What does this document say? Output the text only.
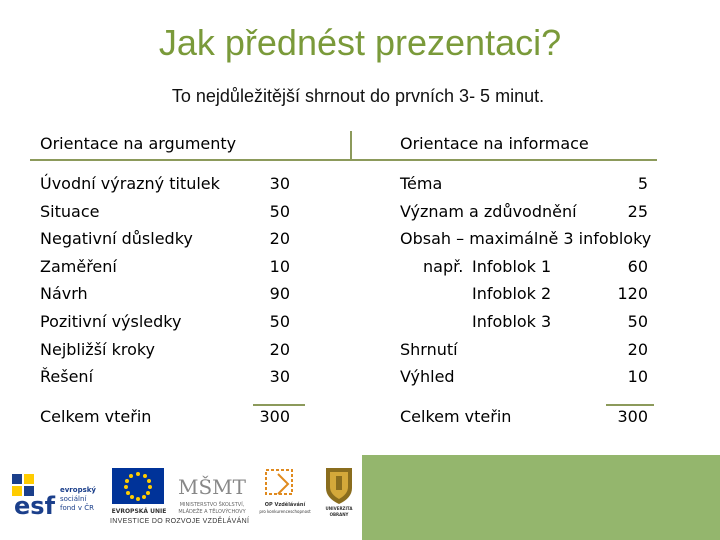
Jak přednést prezentaci?
To nejdůležitější shrnout do prvních 3- 5 minut.
Orientace na argumenty	Orientace na informace
Úvodní výrazný titulek	30
Situace	50
Negativní důsledky	20
Zaměření	10
Návrh	90
Pozitivní výsledky	50
Nejbližší kroky	20
Řešení	30
Celkem vteřin	300
Téma	5
Význam a zdůvodnění	25
Obsah – maximálně 3 infobloky
např. Infoblok 1	60
Infoblok 2	120
Infoblok 3	50
Shrnutí	20
Výhled	10
Celkem vteřin	300
esf
evropský
sociální
fond v ČR	EVROPSKÁ UNIE
MŠMT
MINISTERSTVO ŠKOLSTVÍ,
MLÁDEŽE A TĚLOVÝCHOVY
OP Vzdělávání
pro konkurenceschopnost
UNIVERZITA
OBRANY
INVESTICE DO ROZVOJE VZDĚLÁVÁNÍ
